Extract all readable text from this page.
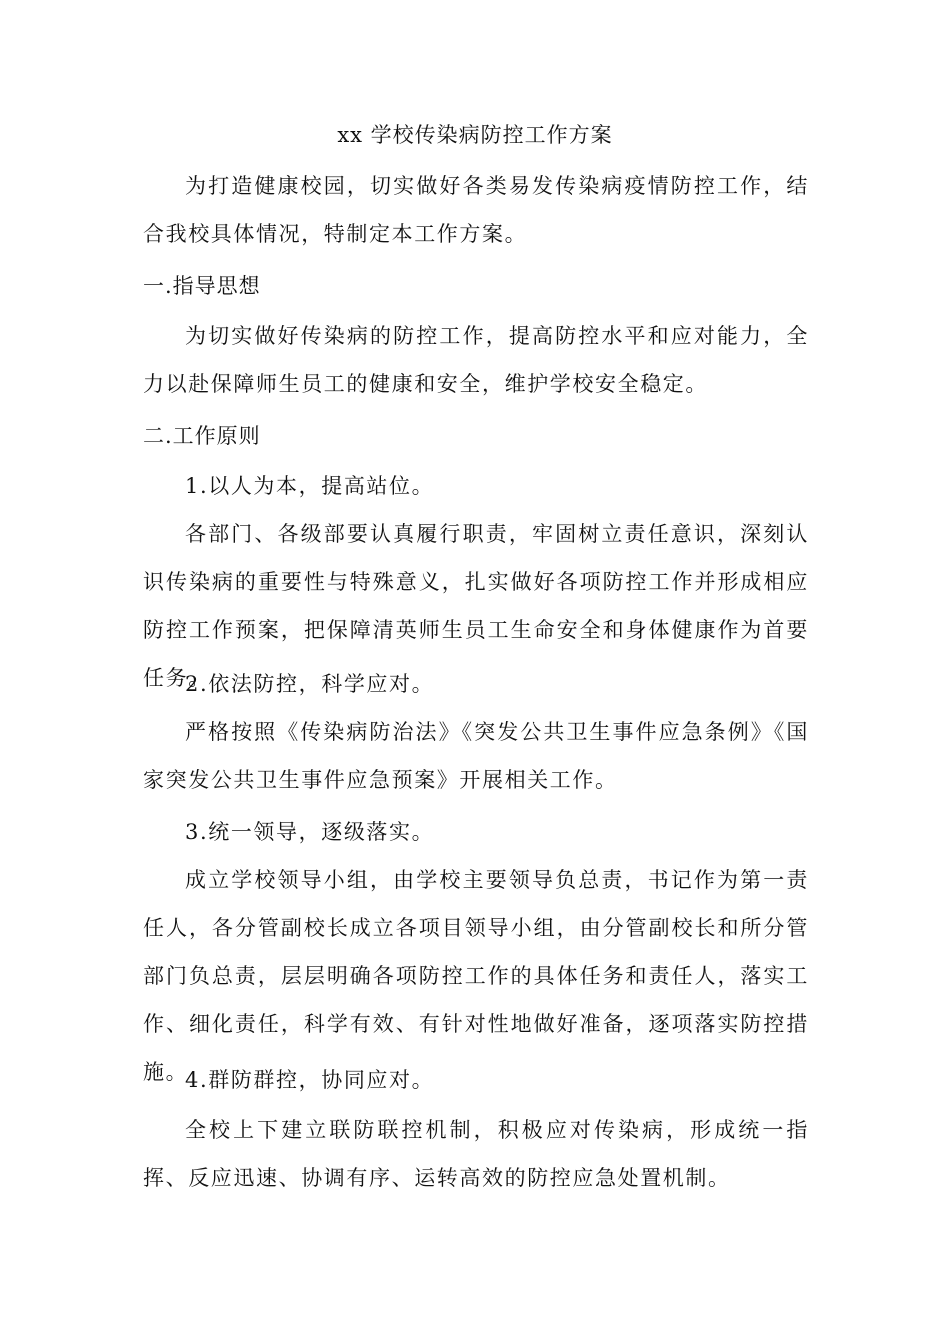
xx 学校传染病防控工作方案
为打造健康校园，切实做好各类易发传染病疫情防控工作，结合我校具体情况，特制定本工作方案。
一.指导思想
为切实做好传染病的防控工作，提高防控水平和应对能力，全力以赴保障师生员工的健康和安全，维护学校安全稳定。
二.工作原则
1.以人为本，提高站位。
各部门、各级部要认真履行职责，牢固树立责任意识，深刻认识传染病的重要性与特殊意义，扎实做好各项防控工作并形成相应防控工作预案，把保障清英师生员工生命安全和身体健康作为首要任务。
2.依法防控，科学应对。
严格按照《传染病防治法》《突发公共卫生事件应急条例》《国家突发公共卫生事件应急预案》开展相关工作。
3.统一领导，逐级落实。
成立学校领导小组，由学校主要领导负总责，书记作为第一责任人，各分管副校长成立各项目领导小组，由分管副校长和所分管部门负总责，层层明确各项防控工作的具体任务和责任人，落实工作、细化责任，科学有效、有针对性地做好准备，逐项落实防控措施。
4.群防群控，协同应对。
全校上下建立联防联控机制，积极应对传染病，形成统一指挥、反应迅速、协调有序、运转高效的防控应急处置机制。
